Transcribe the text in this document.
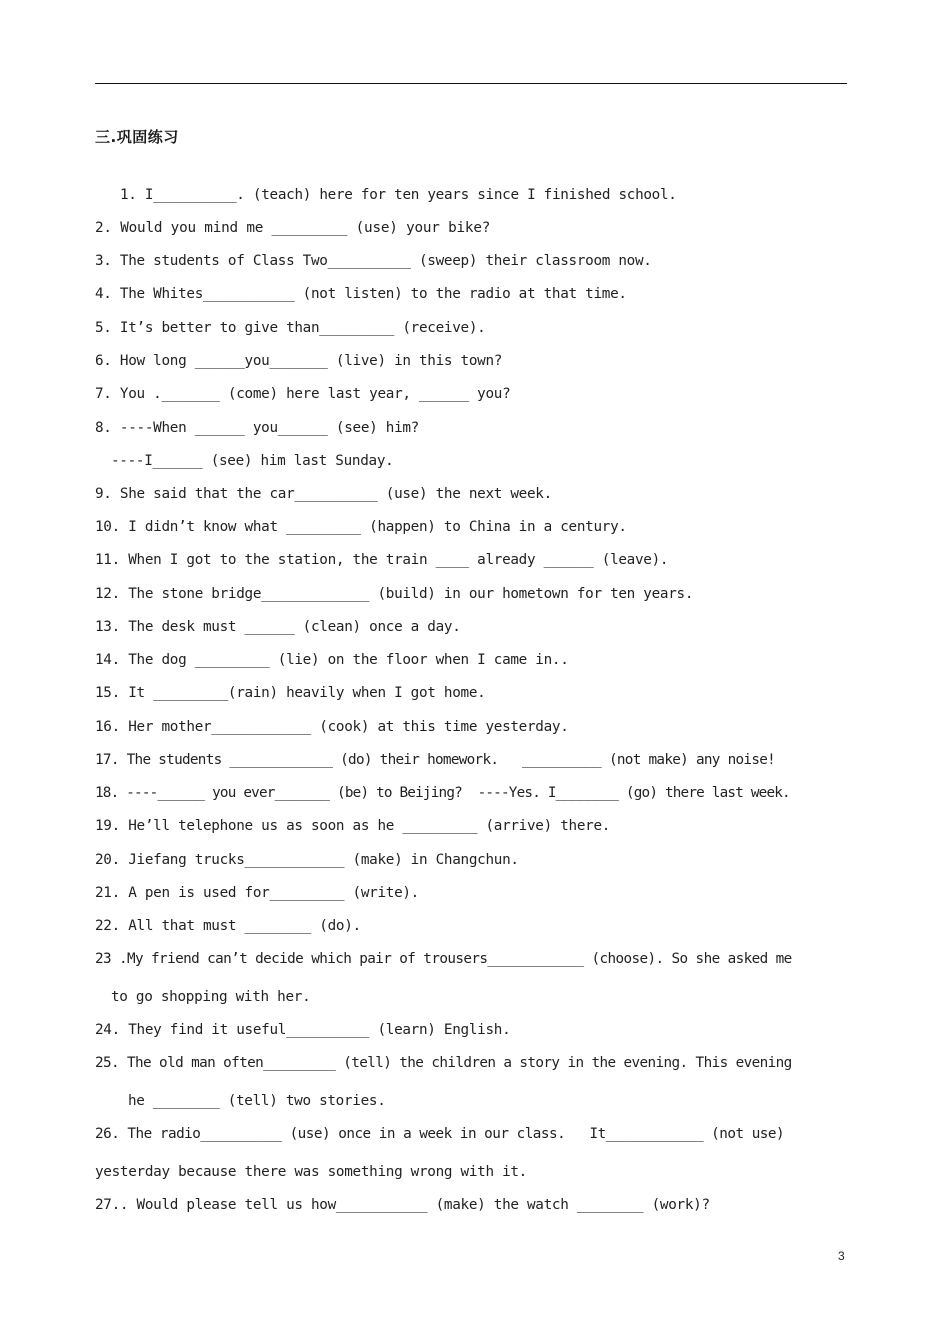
三.巩固练习
1. I__________. (teach) here for ten years since I finished school.
2. Would you mind me _________ (use) your bike?
3. The students of Class Two__________ (sweep) their classroom now.
4. The Whites___________ (not listen) to the radio at that time.
5. It’s better to give than_________ (receive).
6. How long ______you_______ (live) in this town?
7. You ._______ (come) here last year, ______ you?
8. ----When ______ you______ (see) him?
----I______ (see) him last Sunday.
9. She said that the car__________ (use) the next week.
10. I didn’t know what _________ (happen) to China in a century.
11. When I got to the station, the train ____ already ______ (leave).
12. The stone bridge_____________ (build) in our hometown for ten years.
13. The desk must ______ (clean) once a day.
14. The dog _________ (lie) on the floor when I came in..
15. It _________(rain) heavily when I got home.
16. Her mother____________ (cook) at this time yesterday.
17. The students _____________ (do) their homework.   __________ (not make) any noise!
18. ----______ you ever_______ (be) to Beijing?  ----Yes. I________ (go) there last week.
19. He’ll telephone us as soon as he _________ (arrive) there.
20. Jiefang trucks____________ (make) in Changchun.
21. A pen is used for_________ (write).
22. All that must ________ (do).
23 .My friend can’t decide which pair of trousers____________ (choose). So she asked me
to go shopping with her.
24. They find it useful__________ (learn) English.
25. The old man often_________ (tell) the children a story in the evening. This evening
he ________ (tell) two stories.
26. The radio__________ (use) once in a week in our class.   It____________ (not use)
yesterday because there was something wrong with it.
27.. Would please tell us how___________ (make) the watch ________ (work)?
3
